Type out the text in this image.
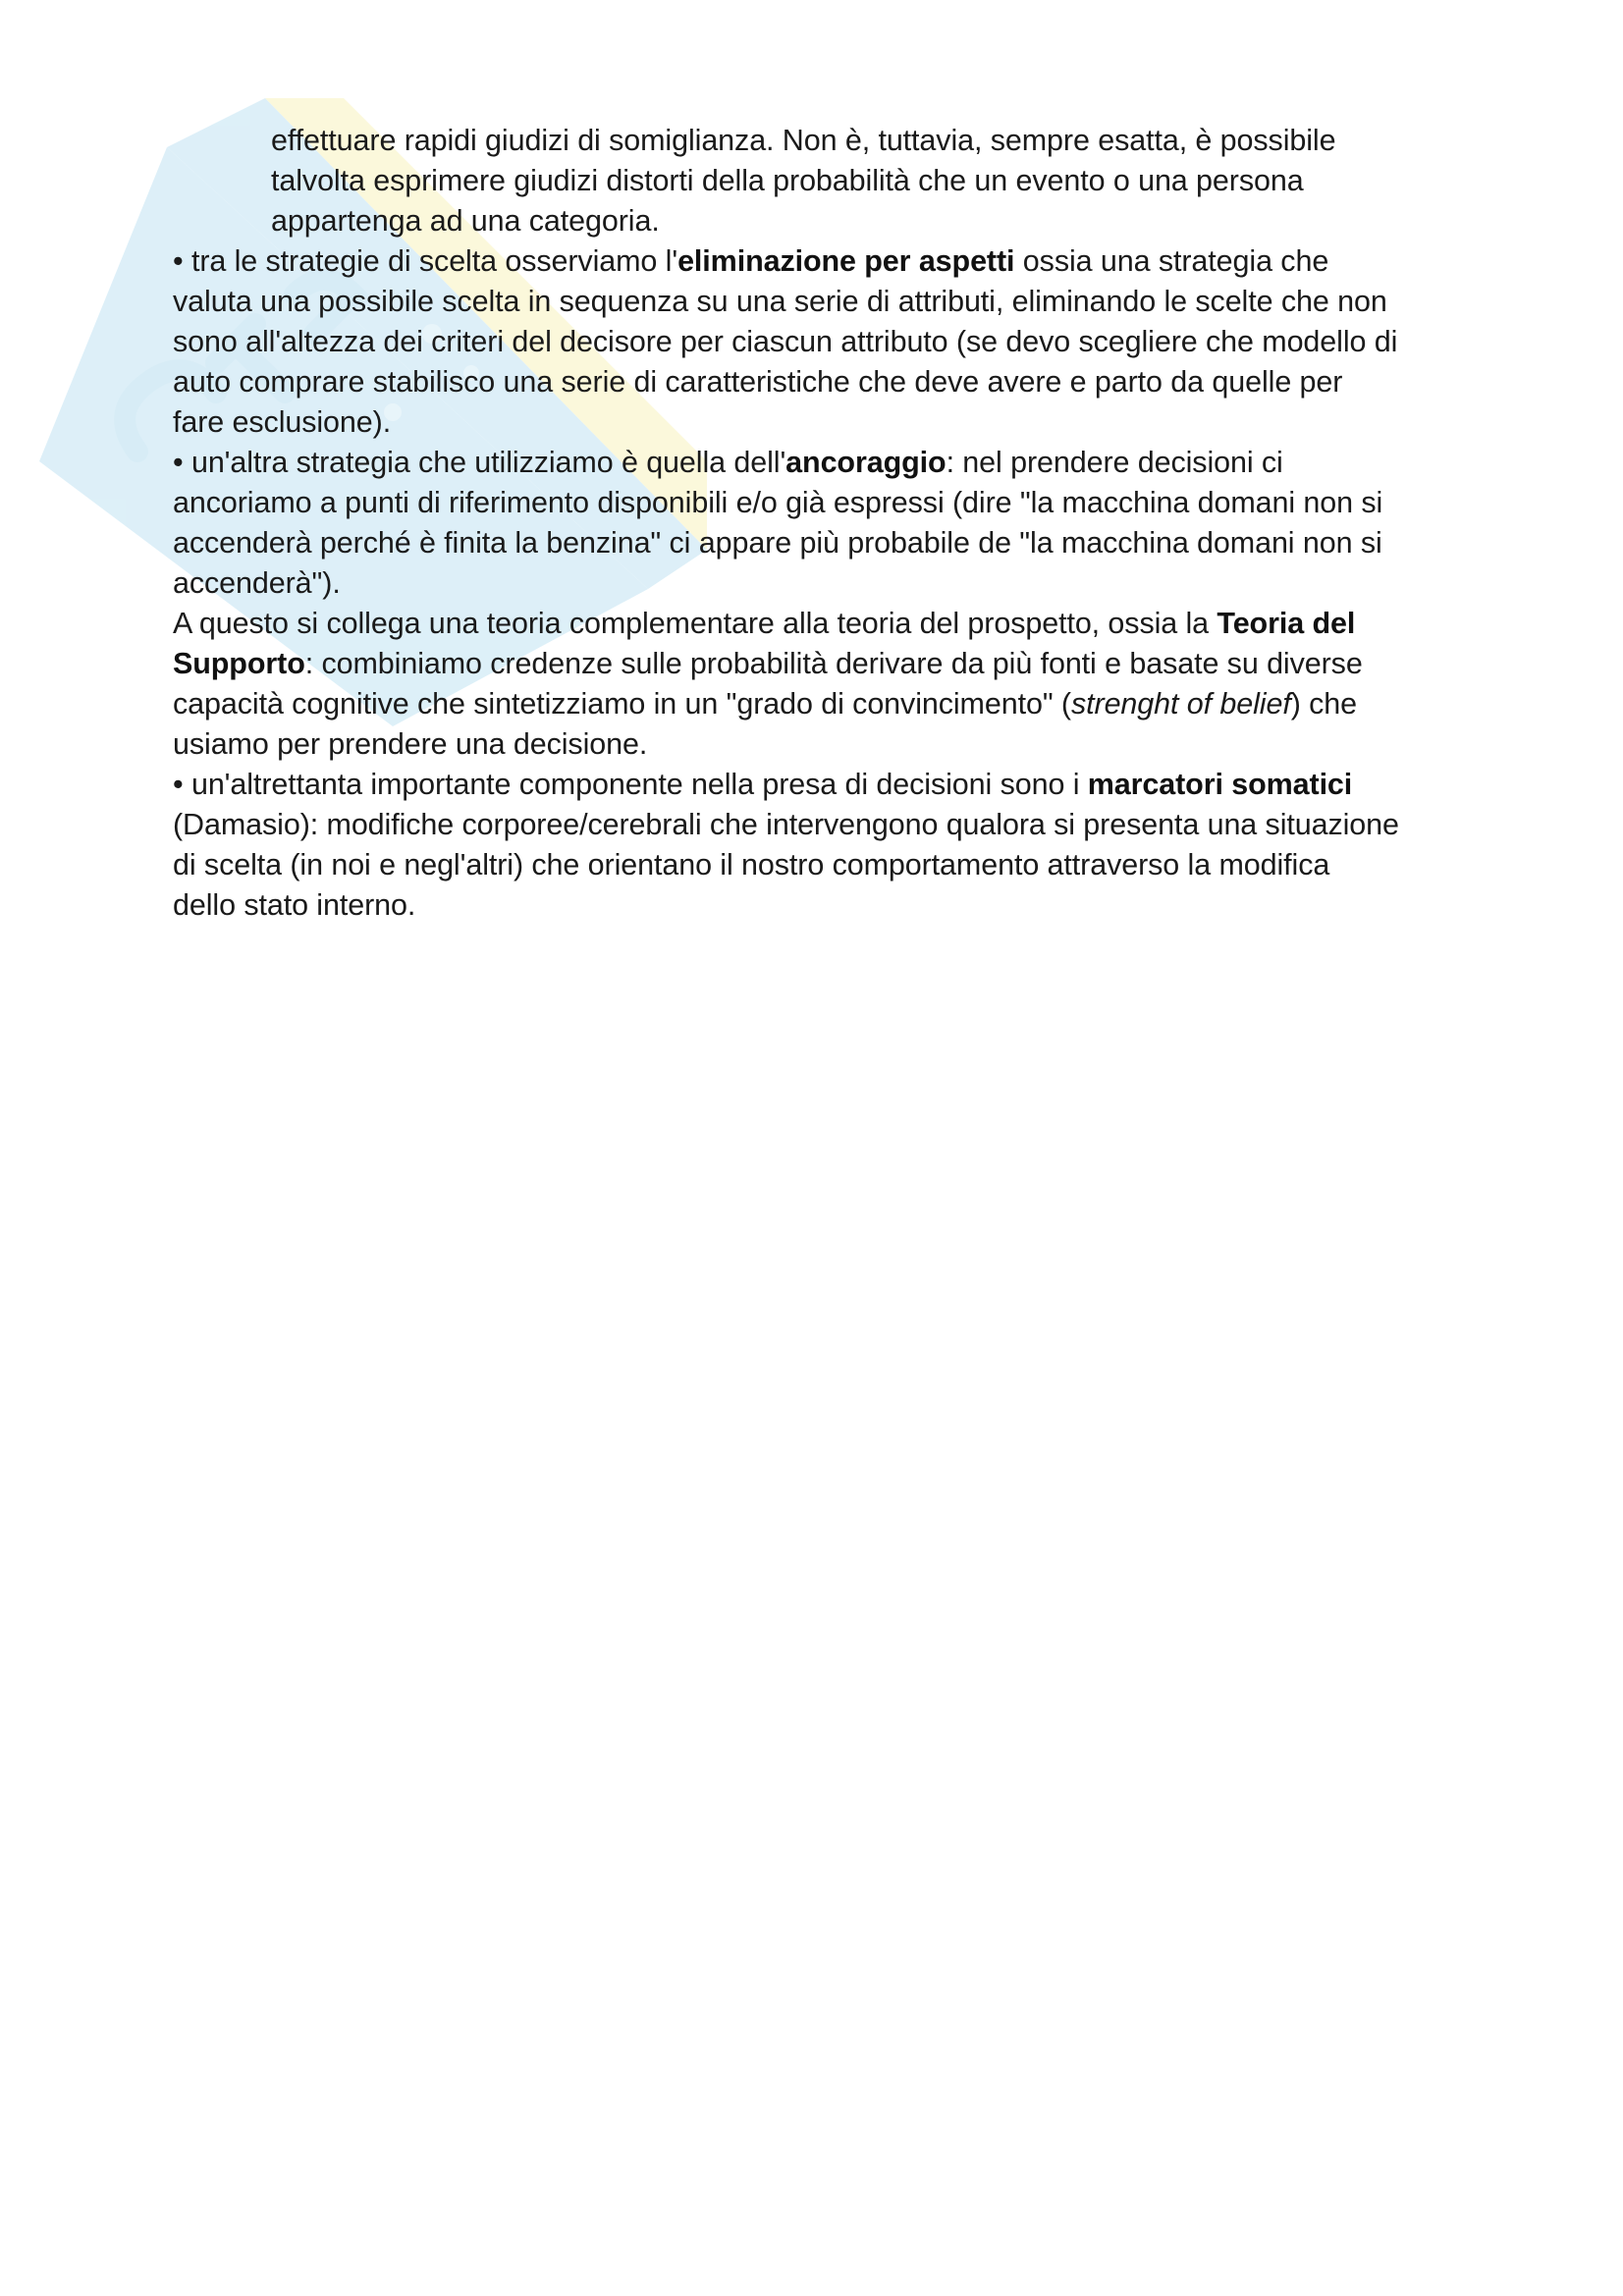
effettuare rapidi giudizi di somiglianza. Non è, tuttavia, sempre esatta, è possibile talvolta esprimere giudizi distorti della probabilità che un evento o una persona appartenga ad una categoria.

• tra le strategie di scelta osserviamo l'eliminazione per aspetti ossia una strategia che valuta una possibile scelta in sequenza su una serie di attributi, eliminando le scelte che non sono all'altezza dei criteri del decisore per ciascun attributo (se devo scegliere che modello di auto comprare stabilisco una serie di caratteristiche che deve avere e parto da quelle per fare esclusione).

• un'altra strategia che utilizziamo è quella dell'ancoraggio: nel prendere decisioni ci ancoriamo a punti di riferimento disponibili e/o già espressi (dire "la macchina domani non si accenderà perché è finita la benzina" ci appare più probabile de "la macchina domani non si accenderà").

A questo si collega una teoria complementare alla teoria del prospetto, ossia la Teoria del Supporto: combiniamo credenze sulle probabilità derivare da più fonti e basate su diverse capacità cognitive che sintetizziamo in un "grado di convincimento" (strenght of belief) che usiamo per prendere una decisione.

• un'altrettanta importante componente nella presa di decisioni sono i marcatori somatici (Damasio): modifiche corporee/cerebrali che intervengono qualora si presenta una situazione di scelta (in noi e negl'altri) che orientano il nostro comportamento attraverso la modifica dello stato interno.
